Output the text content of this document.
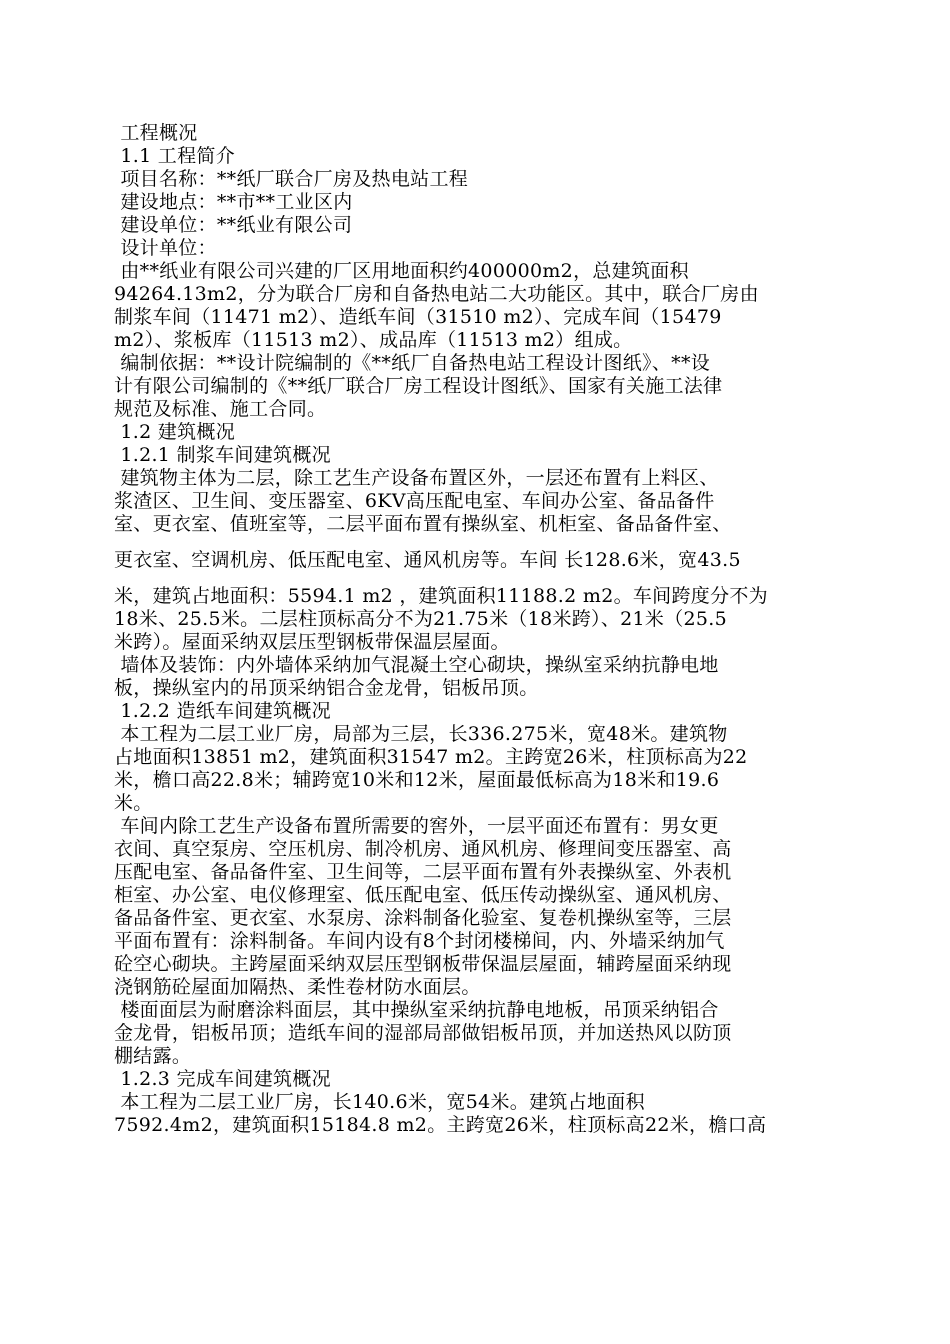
工程概况
1.1 工程简介
项目名称：**纸厂联合厂房及热电站工程
建设地点：**市**工业区内
建设单位：**纸业有限公司
设计单位：
由**纸业有限公司兴建的厂区用地面积约400000m2，总建筑面积
94264.13m2，分为联合厂房和自备热电站二大功能区。其中，联合厂房由
制浆车间（11471 m2）、造纸车间（31510 m2）、完成车间（15479
m2）、浆板库（11513 m2）、成品库（11513 m2）组成。
编制依据：**设计院编制的《**纸厂自备热电站工程设计图纸》、**设
计有限公司编制的《**纸厂联合厂房工程设计图纸》、国家有关施工法律
规范及标准、施工合同。
1.2 建筑概况
1.2.1 制浆车间建筑概况
建筑物主体为二层，除工艺生产设备布置区外，一层还布置有上料区、
浆渣区、卫生间、变压器室、6KV高压配电室、车间办公室、备品备件
室、更衣室、值班室等，二层平面布置有操纵室、机柜室、备品备件室、
更衣室、空调机房、低压配电室、通风机房等。车间 长128.6米，宽43.5
米，建筑占地面积：5594.1 m2 ，建筑面积11188.2 m2。车间跨度分不为
18米、25.5米。二层柱顶标高分不为21.75米（18米跨）、21米（25.5
米跨）。屋面采纳双层压型钢板带保温层屋面。
墙体及装饰：内外墙体采纳加气混凝土空心砌块，操纵室采纳抗静电地
板，操纵室内的吊顶采纳铝合金龙骨，铝板吊顶。
1.2.2 造纸车间建筑概况
本工程为二层工业厂房，局部为三层，长336.275米，宽48米。建筑物
占地面积13851 m2，建筑面积31547 m2。主跨宽26米，柱顶标高为22
米，檐口高22.8米；辅跨宽10米和12米，屋面最低标高为18米和19.6
米。
车间内除工艺生产设备布置所需要的窖外，一层平面还布置有：男女更
衣间、真空泵房、空压机房、制冷机房、通风机房、修理间变压器室、高
压配电室、备品备件室、卫生间等，二层平面布置有外表操纵室、外表机
柜室、办公室、电仪修理室、低压配电室、低压传动操纵室、通风机房、
备品备件室、更衣室、水泵房、涂料制备化验室、复卷机操纵室等，三层
平面布置有：涂料制备。车间内设有8个封闭楼梯间，内、外墙采纳加气
砼空心砌块。主跨屋面采纳双层压型钢板带保温层屋面，辅跨屋面采纳现
浇钢筋砼屋面加隔热、柔性卷材防水面层。
楼面面层为耐磨涂料面层，其中操纵室采纳抗静电地板，吊顶采纳铝合
金龙骨，铝板吊顶；造纸车间的湿部局部做铝板吊顶，并加送热风以防顶
棚结露。
1.2.3 完成车间建筑概况
本工程为二层工业厂房，长140.6米，宽54米。建筑占地面积
7592.4m2，建筑面积15184.8 m2。主跨宽26米，柱顶标高22米，檐口高
